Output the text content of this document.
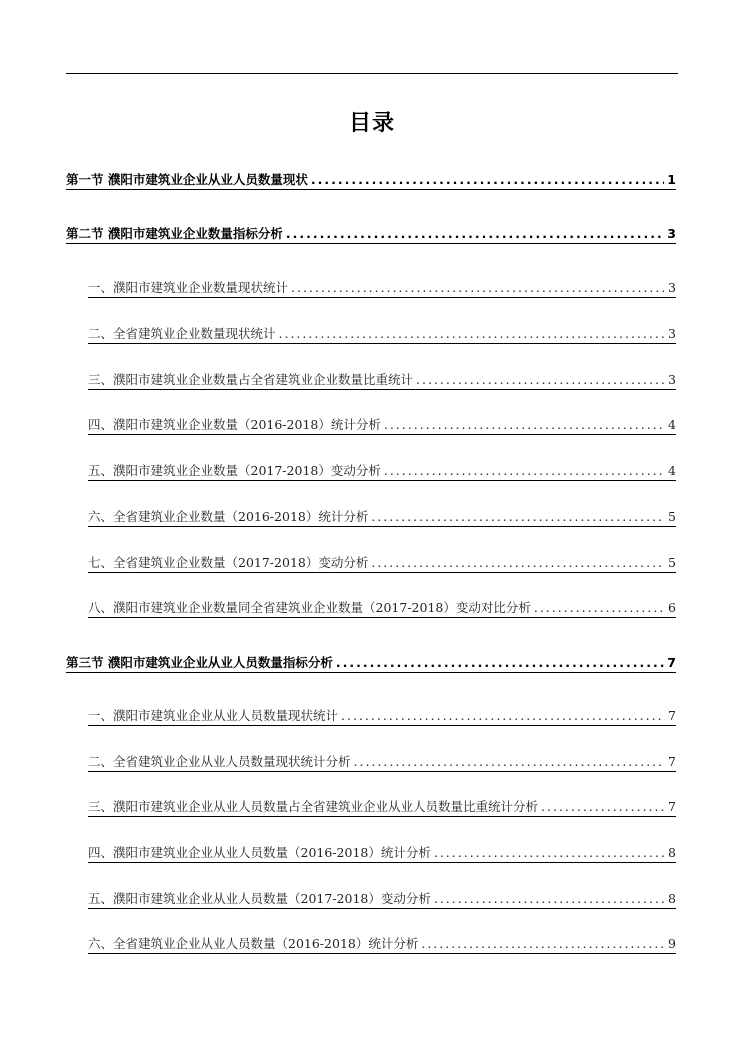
目录
第一节 濮阳市建筑业企业从业人员数量现状 .....	1
第二节 濮阳市建筑业企业数量指标分析 .....	3
一、濮阳市建筑业企业数量现状统计 .....	3
二、全省建筑业企业数量现状统计 .....	3
三、濮阳市建筑业企业数量占全省建筑业企业数量比重统计 .....	3
四、濮阳市建筑业企业数量（2016-2018）统计分析 .....	4
五、濮阳市建筑业企业数量（2017-2018）变动分析 .....	4
六、全省建筑业企业数量（2016-2018）统计分析 .....	5
七、全省建筑业企业数量（2017-2018）变动分析 .....	5
八、濮阳市建筑业企业数量同全省建筑业企业数量（2017-2018）变动对比分析 .....	6
第三节 濮阳市建筑业企业从业人员数量指标分析 .....	7
一、濮阳市建筑业企业从业人员数量现状统计 .....	7
二、全省建筑业企业从业人员数量现状统计分析 .....	7
三、濮阳市建筑业企业从业人员数量占全省建筑业企业从业人员数量比重统计分析 .....	7
四、濮阳市建筑业企业从业人员数量（2016-2018）统计分析 .....	8
五、濮阳市建筑业企业从业人员数量（2017-2018）变动分析 .....	8
六、全省建筑业企业从业人员数量（2016-2018）统计分析 .....	9
